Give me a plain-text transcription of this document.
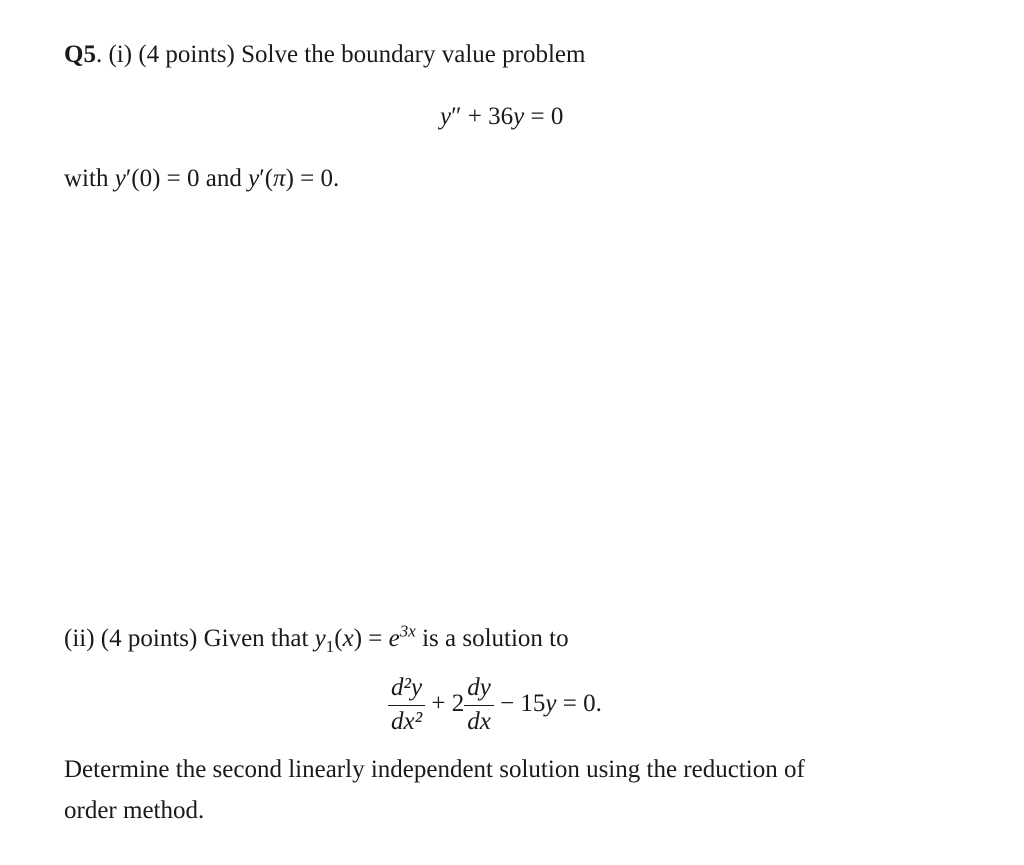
Q5. (i) (4 points) Solve the boundary value problem
y″ + 36y = 0
with y′(0) = 0 and y′(π) = 0.
(ii) (4 points) Given that $y_1(x) = e^{3x}$ is a solution to
$\frac{\text{d²y}}{\text{dx²}} + 2 \frac{dy}{dx} - 15y = 0$.
Determine the second linearly independent solution using the reduction of
order method.
